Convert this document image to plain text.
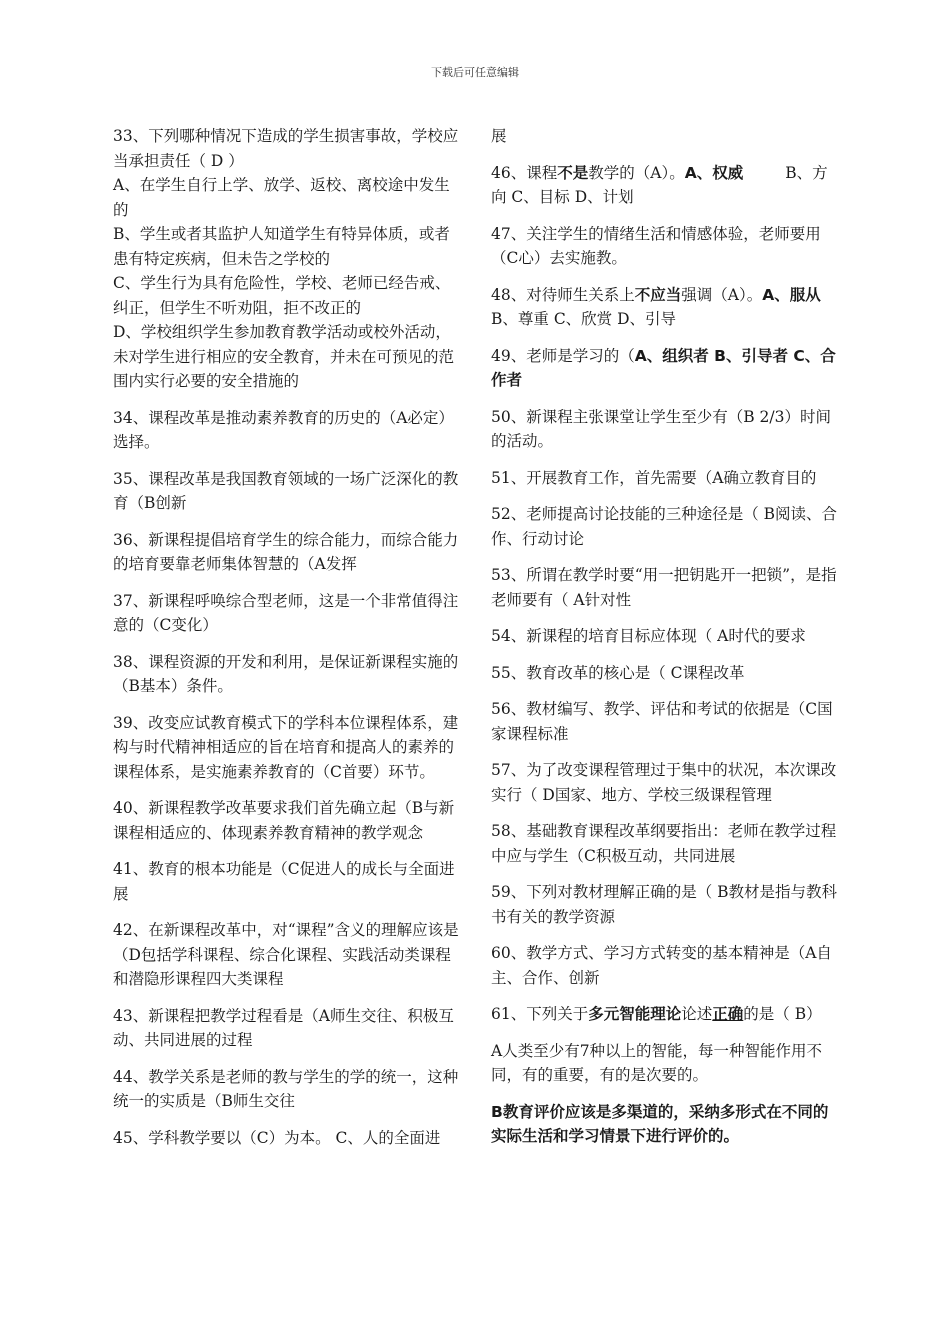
下载后可任意编辑
33、下列哪种情况下造成的学生损害事故，学校应当承担责任（ D ）
A、在学生自行上学、放学、返校、离校途中发生的
B、学生或者其监护人知道学生有特异体质，或者患有特定疾病，但未告之学校的
C、学生行为具有危险性，学校、老师已经告戒、纠正，但学生不听劝阻，拒不改正的
D、学校组织学生参加教育教学活动或校外活动，未对学生进行相应的安全教育，并未在可预见的范围内实行必要的安全措施的
34、课程改革是推动素养教育的历史的（A必定）选择。
35、课程改革是我国教育领域的一场广泛深化的教育（B创新
36、新课程提倡培育学生的综合能力，而综合能力的培育要靠老师集体智慧的（A发挥
37、新课程呼唤综合型老师，这是一个非常值得注意的（C变化）
38、课程资源的开发和利用，是保证新课程实施的（B基本）条件。
39、改变应试教育模式下的学科本位课程体系，建构与时代精神相适应的旨在培育和提高人的素养的课程体系，是实施素养教育的（C首要）环节。
40、新课程教学改革要求我们首先确立起（B与新课程相适应的、体现素养教育精神的教学观念
41、教育的根本功能是（C促进人的成长与全面进展
42、在新课程改革中，对“课程”含义的理解应该是（D包括学科课程、综合化课程、实践活动类课程和潜隐形课程四大类课程
43、新课程把教学过程看是（A师生交往、积极互动、共同进展的过程
44、教学关系是老师的教与学生的学的统一，这种统一的实质是（B师生交往
45、学科教学要以（C）为本。 C、人的全面进
展
46、课程不是教学的（A）。A、权威	B、方向 C、目标 D、计划
47、关注学生的情绪生活和情感体验，老师要用（C心）去实施教。
48、对待师生关系上不应当强调（A）。A、服从 B、尊重 C、欣赏 D、引导
49、老师是学习的（A、组织者 B、引导者 C、合作者
50、新课程主张课堂让学生至少有（B 2/3）时间的活动。
51、开展教育工作，首先需要（A确立教育目的
52、老师提高讨论技能的三种途径是（ B阅读、合作、行动讨论
53、所谓在教学时要“用一把钥匙开一把锁”，是指老师要有（ A针对性
54、新课程的培育目标应体现（ A时代的要求
55、教育改革的核心是（ C课程改革
56、教材编写、教学、评估和考试的依据是（C国家课程标准
57、为了改变课程管理过于集中的状况，本次课改实行（ D国家、地方、学校三级课程管理
58、基础教育课程改革纲要指出：老师在教学过程中应与学生（C积极互动，共同进展
59、下列对教材理解正确的是（ B教材是指与教科书有关的教学资源
60、教学方式、学习方式转变的基本精神是（A自主、合作、创新
61、下列关于多元智能理论论述正确的是（ B）
A人类至少有7种以上的智能，每一种智能作用不同，有的重要，有的是次要的。
B教育评价应该是多渠道的，采纳多形式在不同的实际生活和学习情景下进行评价的。
